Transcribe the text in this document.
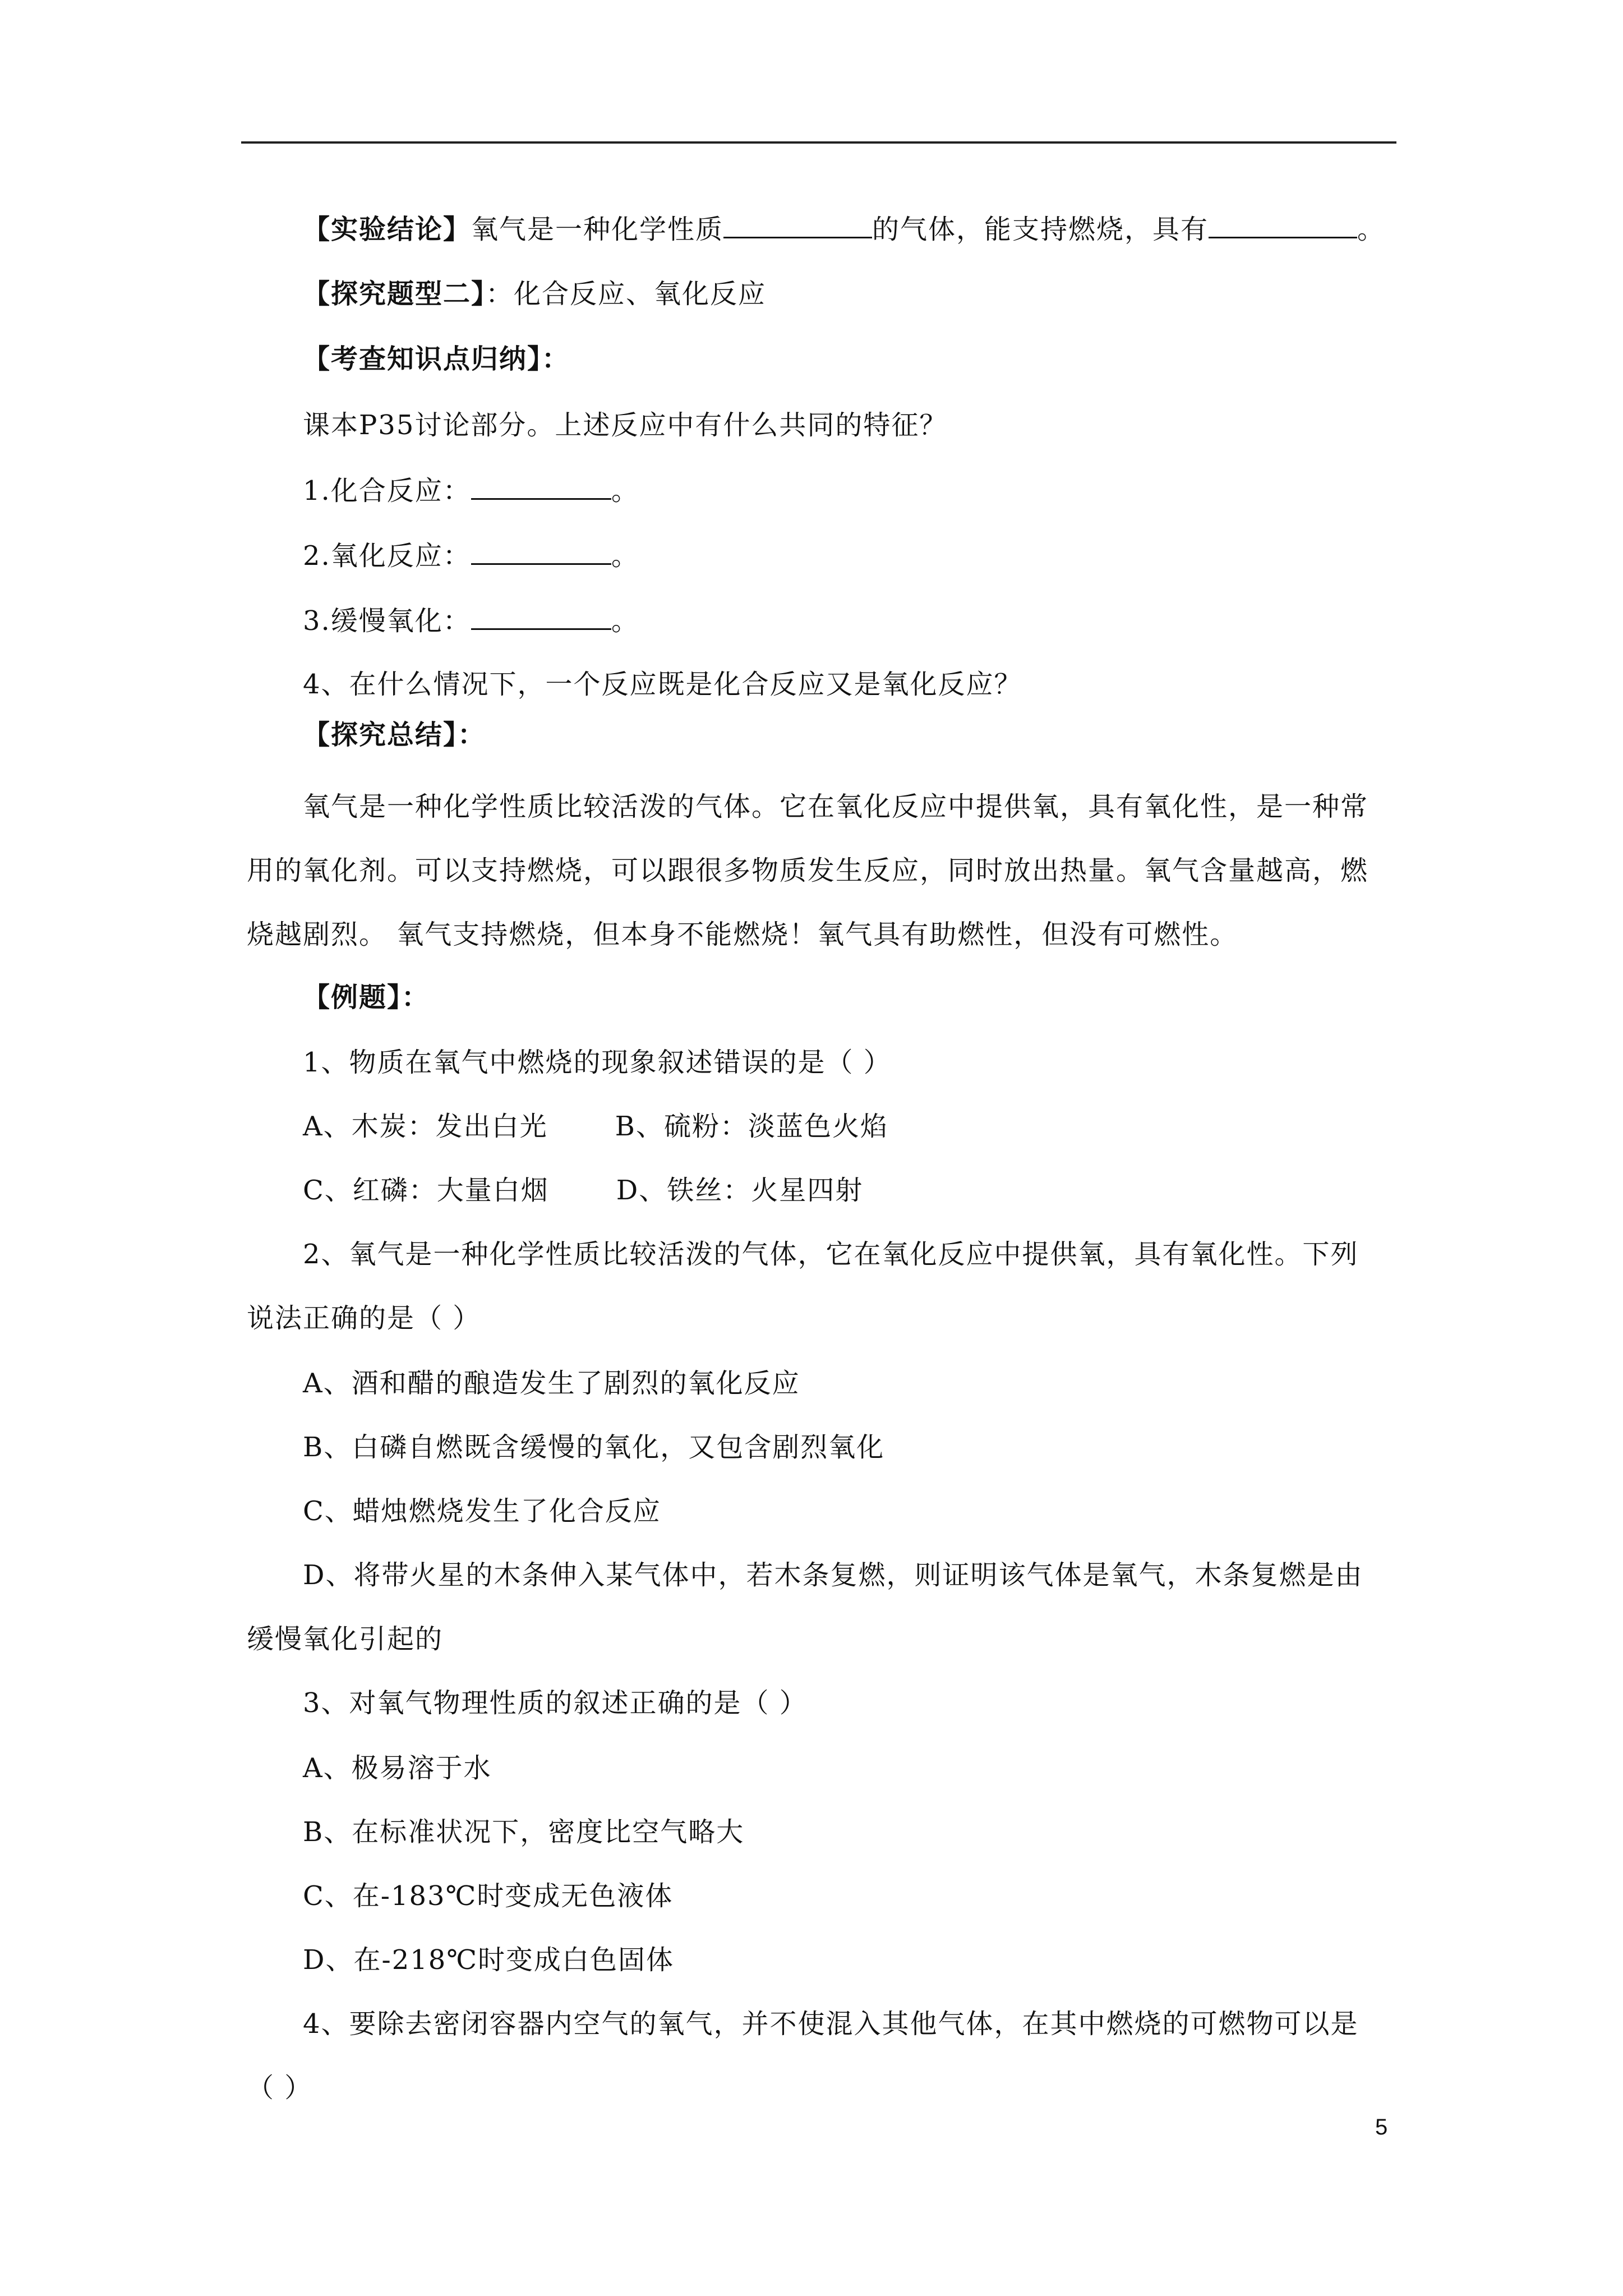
【实验结论】氧气是一种化学性质	的气体，能支持燃烧，具有	。
【探究题型二】：化合反应、氧化反应
【考查知识点归纳】：
课本P35讨论部分。上述反应中有什么共同的特征？
1.化合反应：	。
2.氧化反应：	。
3.缓慢氧化：	。
4、在什么情况下，一个反应既是化合反应又是氧化反应？
【探究总结】：
氧气是一种化学性质比较活泼的气体。它在氧化反应中提供氧，具有氧化性，是一种常
用的氧化剂。可以支持燃烧，可以跟很多物质发生反应，同时放出热量。氧气含量越高，燃
烧越剧烈。 氧气支持燃烧，但本身不能燃烧！氧气具有助燃性，但没有可燃性。
【例题】：
1、物质在氧气中燃烧的现象叙述错误的是（ ）
A、木炭：发出白光	B、硫粉：淡蓝色火焰
C、红磷：大量白烟	D、铁丝：火星四射
2、氧气是一种化学性质比较活泼的气体，它在氧化反应中提供氧，具有氧化性。下列
说法正确的是（ ）
A、酒和醋的酿造发生了剧烈的氧化反应
B、白磷自燃既含缓慢的氧化，又包含剧烈氧化
C、蜡烛燃烧发生了化合反应
D、将带火星的木条伸入某气体中，若木条复燃，则证明该气体是氧气，木条复燃是由
缓慢氧化引起的
3、对氧气物理性质的叙述正确的是（ ）
A、极易溶于水
B、在标准状况下，密度比空气略大
C、在-183℃时变成无色液体
D、在-218℃时变成白色固体
4、要除去密闭容器内空气的氧气，并不使混入其他气体，在其中燃烧的可燃物可以是
（ ）
5
